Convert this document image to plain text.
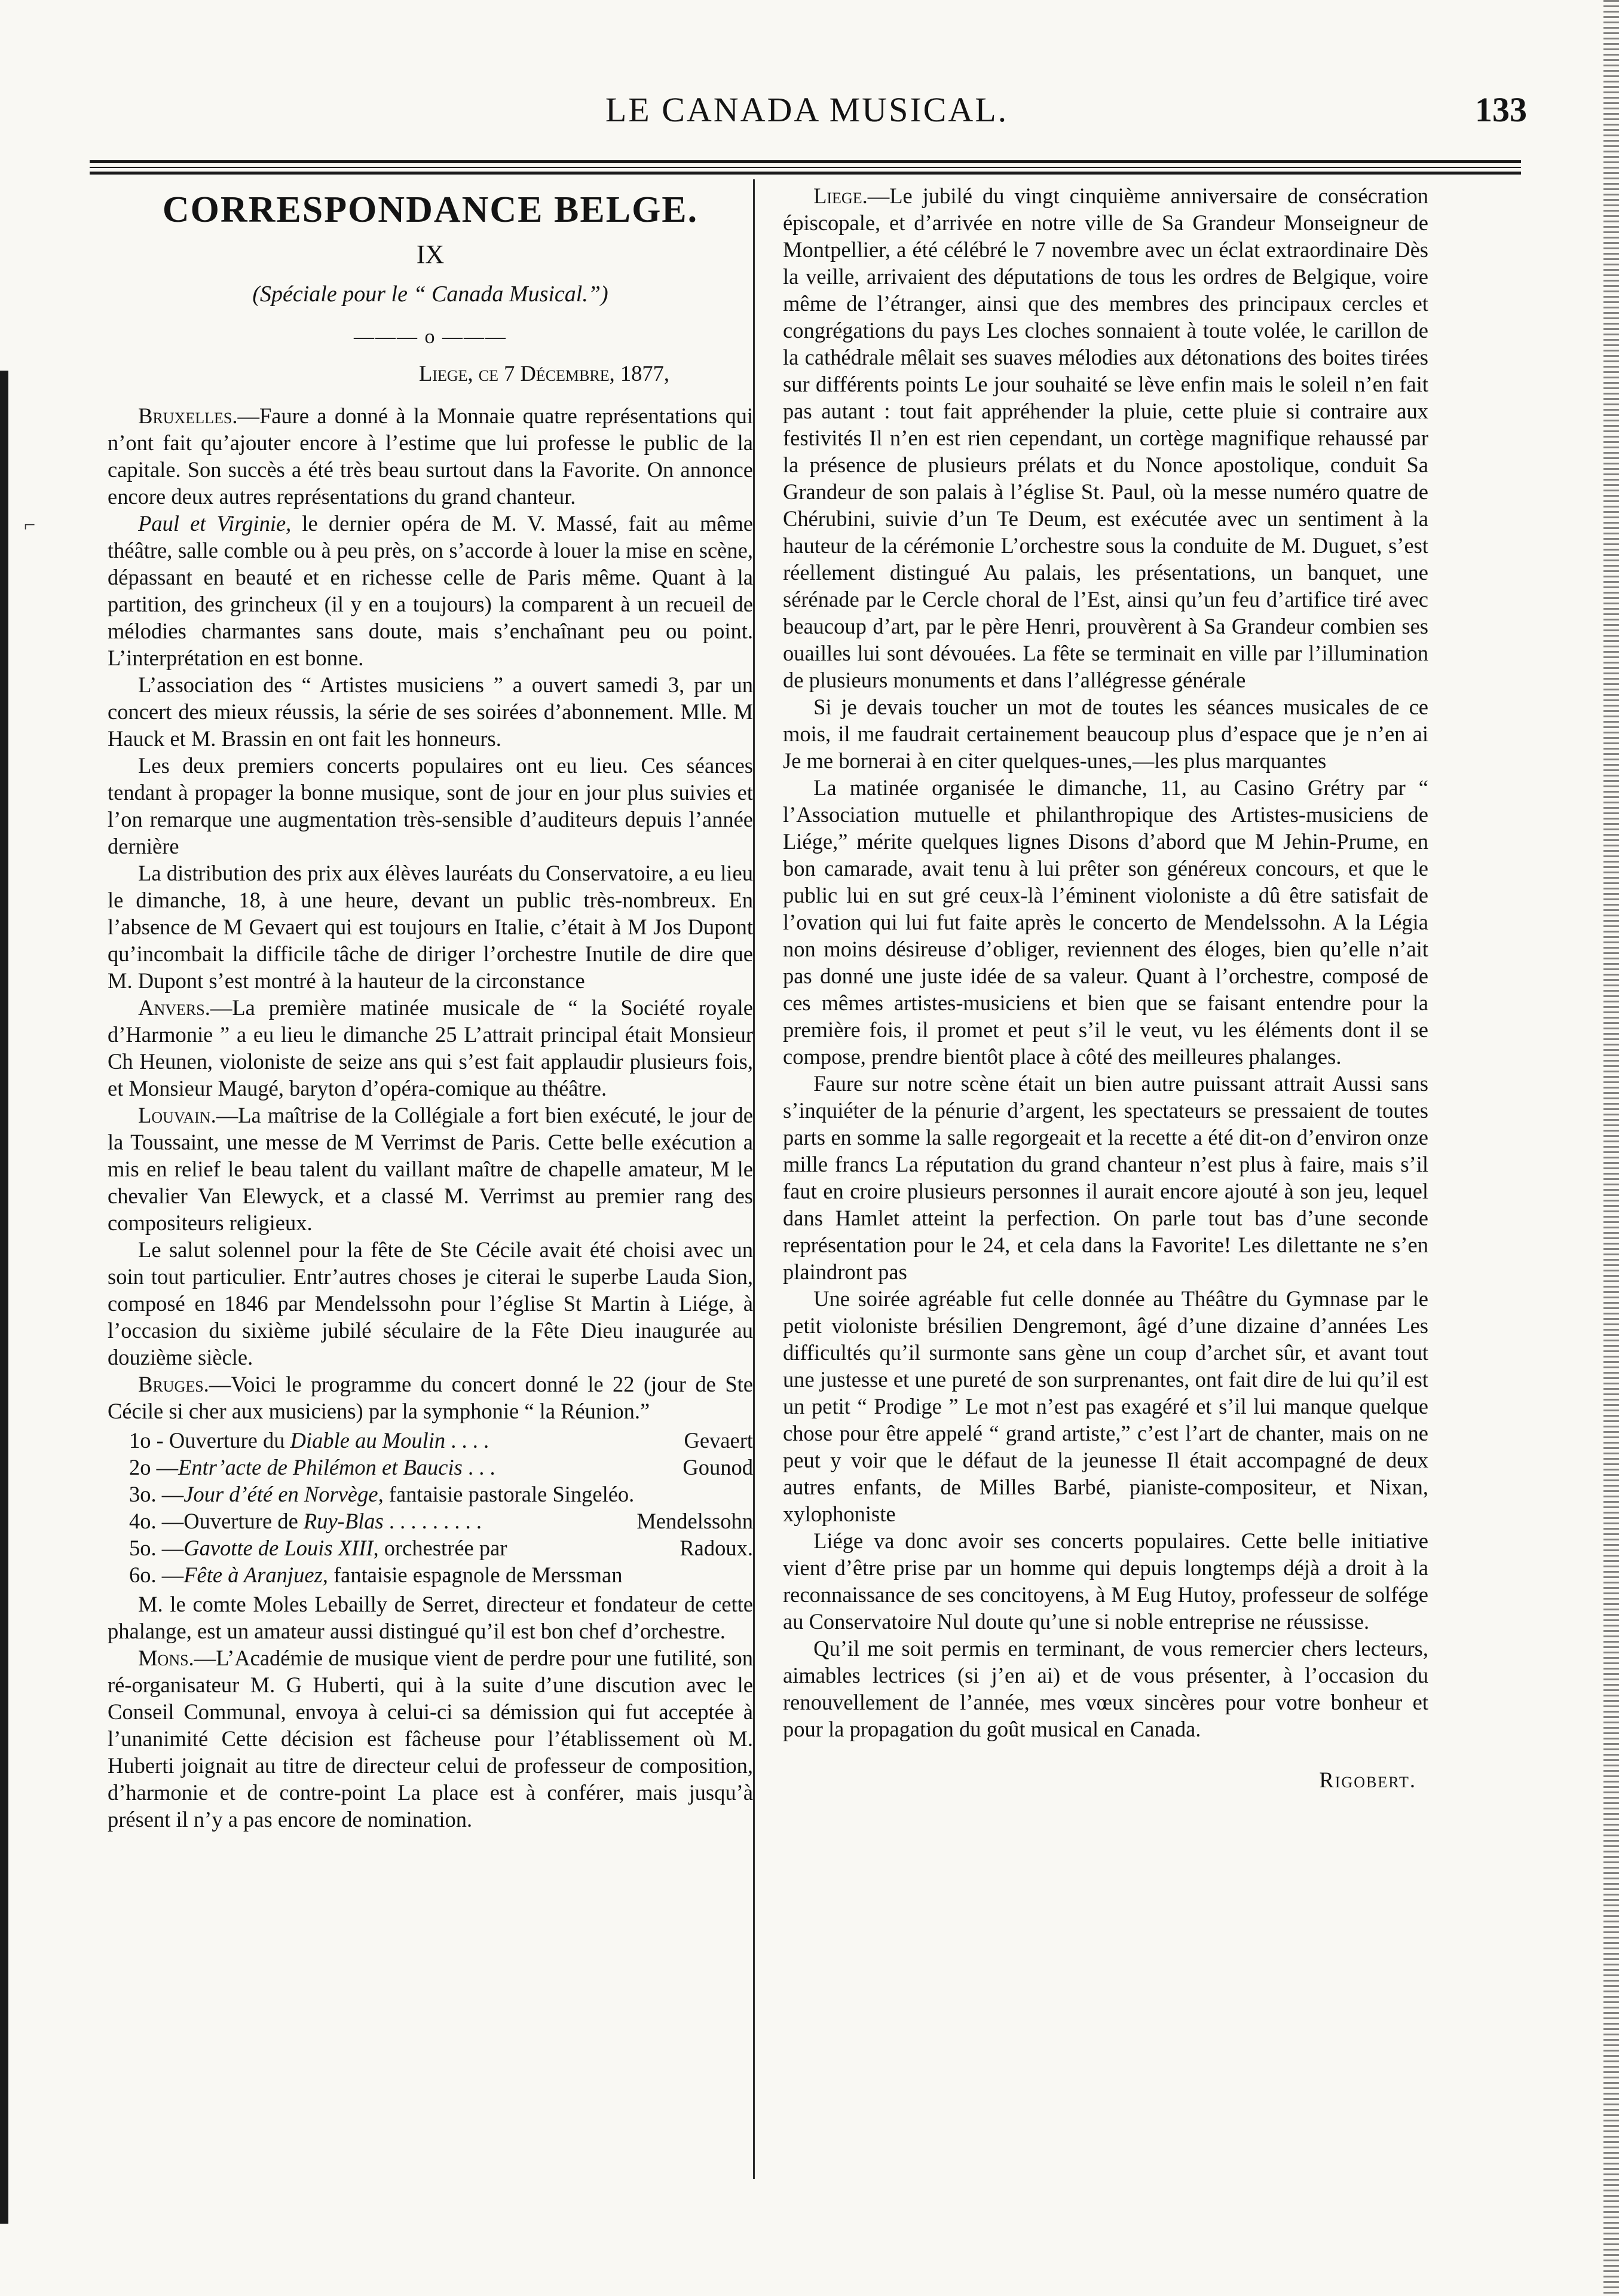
⌐
LE CANADA MUSICAL.	133
CORRESPONDANCE BELGE.
IX
(Spéciale pour le “ Canada Musical.”)
——— o ———
Liege, ce 7 Décembre, 1877,

Bruxelles.—Faure a donné à la Monnaie quatre représentations qui n’ont fait qu’ajouter encore à l’estime que lui professe le public de la capitale. Son succès a été très beau surtout dans la Favorite. On annonce encore deux autres représentations du grand chanteur.

Paul et Virginie, le dernier opéra de M. V. Massé, fait au même théâtre, salle comble ou à peu près, on s’accorde à louer la mise en scène, dépassant en beauté et en richesse celle de Paris même. Quant à la partition, des grincheux (il y en a toujours) la comparent à un recueil de mélodies charmantes sans doute, mais s’enchaînant peu ou point. L’interprétation en est bonne.

L’association des “ Artistes musiciens ” a ouvert samedi 3, par un concert des mieux réussis, la série de ses soirées d’abonnement. Mlle. M Hauck et M. Brassin en ont fait les honneurs.

Les deux premiers concerts populaires ont eu lieu. Ces séances tendant à propager la bonne musique, sont de jour en jour plus suivies et l’on remarque une augmentation très-sensible d’auditeurs depuis l’année dernière

La distribution des prix aux élèves lauréats du Conservatoire, a eu lieu le dimanche, 18, à une heure, devant un public très-nombreux. En l’absence de M Gevaert qui est toujours en Italie, c’était à M Jos Dupont qu’incombait la difficile tâche de diriger l’orchestre Inutile de dire que M. Dupont s’est montré à la hauteur de la circonstance

Anvers.—La première matinée musicale de “ la Société royale d’Harmonie ” a eu lieu le dimanche 25 L’attrait principal était Monsieur Ch Heunen, violoniste de seize ans qui s’est fait applaudir plusieurs fois, et Monsieur Maugé, baryton d’opéra-comique au théâtre.

Louvain.—La maîtrise de la Collégiale a fort bien exécuté, le jour de la Toussaint, une messe de M Verrimst de Paris. Cette belle exécution a mis en relief le beau talent du vaillant maître de chapelle amateur, M le chevalier Van Elewyck, et a classé M. Verrimst au premier rang des compositeurs religieux.

Le salut solennel pour la fête de Ste Cécile avait été choisi avec un soin tout particulier. Entr’autres choses je citerai le superbe Lauda Sion, composé en 1846 par Mendelssohn pour l’église St Martin à Liége, à l’occasion du sixième jubilé séculaire de la Fête Dieu inaugurée au douzième siècle.

Bruges.—Voici le programme du concert donné le 22 (jour de Ste Cécile si cher aux musiciens) par la symphonie “ la Réunion.”

1o - Ouverture du Diable au Moulin . . . .	Gevaert
2o —Entr’acte de Philémon et Baucis . . .	Gounod
3o. —Jour d’été en Norvège, fantaisie pastorale Singeléo.
4o. —Ouverture de Ruy-Blas . . . . . . . . .	Mendelssohn
5o. —Gavotte de Louis XIII, orchestrée par	Radoux.
6o. —Fête à Aranjuez, fantaisie espagnole de Merssman

M. le comte Moles Lebailly de Serret, directeur et fondateur de cette phalange, est un amateur aussi distingué qu’il est bon chef d’orchestre.

Mons.—L’Académie de musique vient de perdre pour une futilité, son ré-organisateur M. G Huberti, qui à la suite d’une discution avec le Conseil Communal, envoya à celui-ci sa démission qui fut acceptée à l’unanimité Cette décision est fâcheuse pour l’établissement où M. Huberti joignait au titre de directeur celui de professeur de composition, d’harmonie et de contre-point La place est à conférer, mais jusqu’à présent il n’y a pas encore de nomination.

Liege.—Le jubilé du vingt cinquième anniversaire de consécration épiscopale, et d’arrivée en notre ville de Sa Grandeur Monseigneur de Montpellier, a été célébré le 7 novembre avec un éclat extraordinaire Dès la veille, arrivaient des députations de tous les ordres de Belgique, voire même de l’étranger, ainsi que des membres des principaux cercles et congrégations du pays Les cloches sonnaient à toute volée, le carillon de la cathédrale mêlait ses suaves mélodies aux détonations des boites tirées sur différents points Le jour souhaité se lève enfin mais le soleil n’en fait pas autant : tout fait appréhender la pluie, cette pluie si contraire aux festivités Il n’en est rien cependant, un cortège magnifique rehaussé par la présence de plusieurs prélats et du Nonce apostolique, conduit Sa Grandeur de son palais à l’église St. Paul, où la messe numéro quatre de Chérubini, suivie d’un Te Deum, est exécutée avec un sentiment à la hauteur de la cérémonie L’orchestre sous la conduite de M. Duguet, s’est réellement distingué Au palais, les présentations, un banquet, une sérénade par le Cercle choral de l’Est, ainsi qu’un feu d’artifice tiré avec beaucoup d’art, par le père Henri, prouvèrent à Sa Grandeur combien ses ouailles lui sont dévouées. La fête se terminait en ville par l’illumination de plusieurs monuments et dans l’allégresse générale

Si je devais toucher un mot de toutes les séances musicales de ce mois, il me faudrait certainement beaucoup plus d’espace que je n’en ai Je me bornerai à en citer quelques-unes,—les plus marquantes

La matinée organisée le dimanche, 11, au Casino Grétry par “ l’Association mutuelle et philanthropique des Artistes-musiciens de Liége,” mérite quelques lignes Disons d’abord que M Jehin-Prume, en bon camarade, avait tenu à lui prêter son généreux concours, et que le public lui en sut gré ceux-là l’éminent violoniste a dû être satisfait de l’ovation qui lui fut faite après le concerto de Mendelssohn. A la Légia non moins désireuse d’obliger, reviennent des éloges, bien qu’elle n’ait pas donné une juste idée de sa valeur. Quant à l’orchestre, composé de ces mêmes artistes-musiciens et bien que se faisant entendre pour la première fois, il promet et peut s’il le veut, vu les éléments dont il se compose, prendre bientôt place à côté des meilleures phalanges.

Faure sur notre scène était un bien autre puissant attrait Aussi sans s’inquiéter de la pénurie d’argent, les spectateurs se pressaient de toutes parts en somme la salle regorgeait et la recette a été dit-on d’environ onze mille francs La réputation du grand chanteur n’est plus à faire, mais s’il faut en croire plusieurs personnes il aurait encore ajouté à son jeu, lequel dans Hamlet atteint la perfection. On parle tout bas d’une seconde représentation pour le 24, et cela dans la Favorite! Les dilettante ne s’en plaindront pas

Une soirée agréable fut celle donnée au Théâtre du Gymnase par le petit violoniste brésilien Dengremont, âgé d’une dizaine d’années Les difficultés qu’il surmonte sans gène un coup d’archet sûr, et avant tout une justesse et une pureté de son surprenantes, ont fait dire de lui qu’il est un petit “ Prodige ” Le mot n’est pas exagéré et s’il lui manque quelque chose pour être appelé “ grand artiste,” c’est l’art de chanter, mais on ne peut y voir que le défaut de la jeunesse Il était accompagné de deux autres enfants, de Milles Barbé, pianiste-compositeur, et Nixan, xylophoniste

Liége va donc avoir ses concerts populaires. Cette belle initiative vient d’être prise par un homme qui depuis longtemps déjà a droit à la reconnaissance de ses concitoyens, à M Eug Hutoy, professeur de solfége au Conservatoire Nul doute qu’une si noble entreprise ne réussisse.

Qu’il me soit permis en terminant, de vous remercier chers lecteurs, aimables lectrices (si j’en ai) et de vous présenter, à l’occasion du renouvellement de l’année, mes vœux sincères pour votre bonheur et pour la propagation du goût musical en Canada.

Rigobert.
